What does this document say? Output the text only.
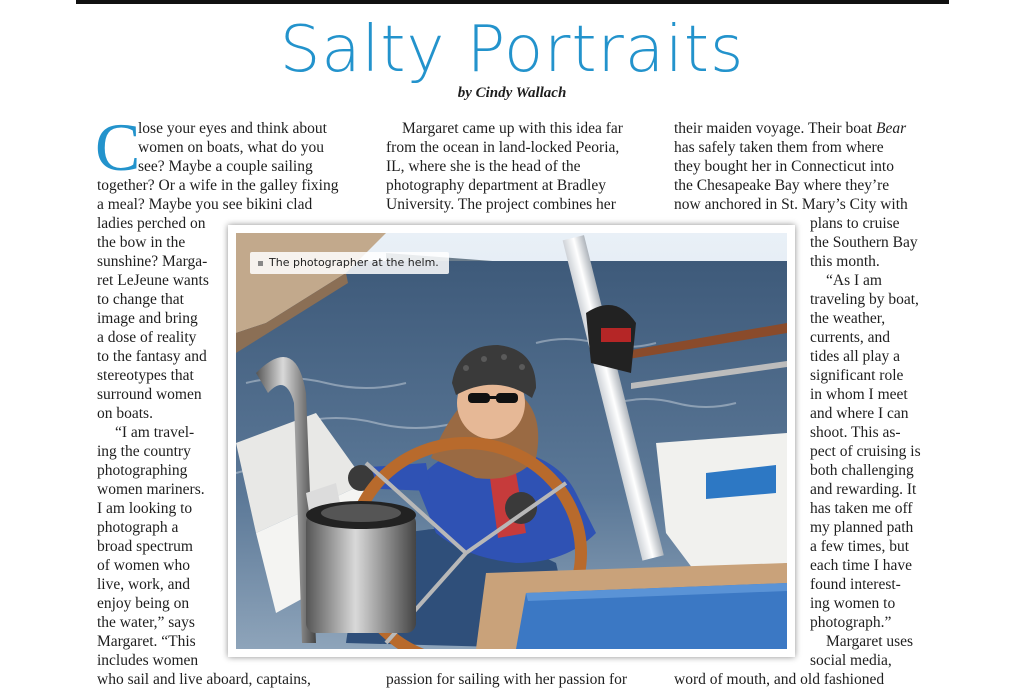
Salty Portraits

by Cindy Wallach

C
lose your eyes and think about
women on boats, what do you
see? Maybe a couple sailing
together? Or a wife in the galley fixing
a meal? Maybe you see bikini clad
ladies perched on
the bow in the
sunshine? Marga-
ret LeJeune wants
to change that
image and bring
a dose of reality
to the fantasy and
stereotypes that
surround women
on boats.
“I am travel-
ing the country
photographing
women mariners.
I am looking to
photograph a
broad spectrum
of women who
live, work, and
enjoy being on
the water,” says
Margaret. “This
includes women
who sail and live aboard, captains,
Margaret came up with this idea far
from the ocean in land-locked Peoria,
IL, where she is the head of the
photography department at Bradley
University. The project combines her
passion for sailing with her passion for
their maiden voyage. Their boat Bear
has safely taken them from where
they bought her in Connecticut into
the Chesapeake Bay where they’re
now anchored in St. Mary’s City with
plans to cruise
the Southern Bay
this month.
“As I am
traveling by boat,
the weather,
currents, and
tides all play a
significant role
in whom I meet
and where I can
shoot. This as-
pect of cruising is
both challenging
and rewarding. It
has taken me off
my planned path
a few times, but
each time I have
found interest-
ing women to
photograph.”
Margaret uses
social media,
word of mouth, and old fashioned
The photographer at the helm.
